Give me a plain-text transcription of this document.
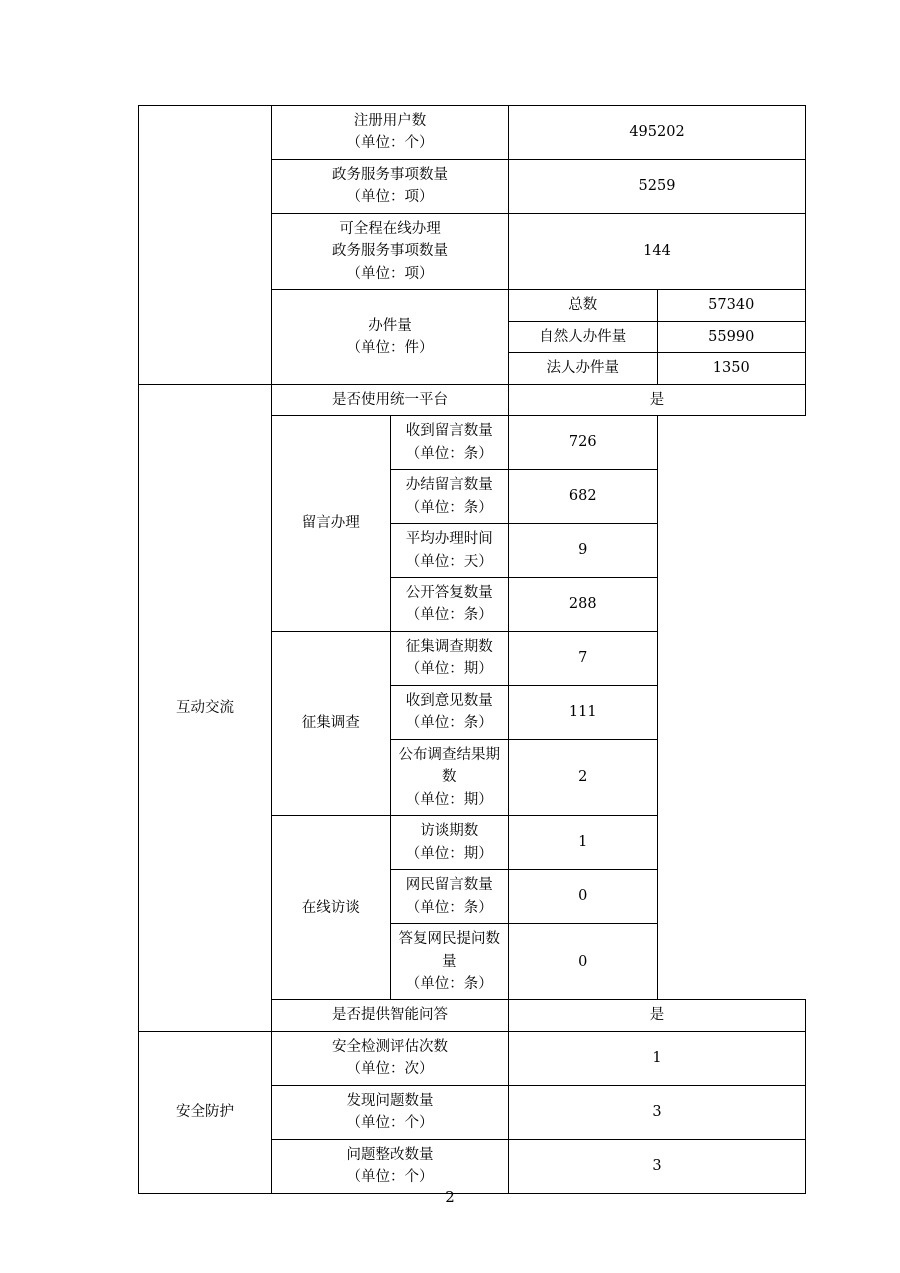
	注册用户数
（单位：个）		495202	

	政务服务事项数量
（单位：项）		5259	

	可全程在线办理
政务服务事项数量
（单位：项）		144	

	办件量
（单位：件）		总数	57340
			自然人办件量	55990
			法人办件量	1350
互动交流	是否使用统一平台		是	
	留言办理	收到留言数量
（单位：条）	726	

		办结留言数量
（单位：条）	682	

		平均办理时间
（单位：天）	9	

		公开答复数量
（单位：条）	288	
	征集调查	征集调查期数
（单位：期）	7	

		收到意见数量
（单位：条）	111	

		公布调查结果期数
（单位：期）	2	
	在线访谈	访谈期数
（单位：期）	1	

		网民留言数量
（单位：条）	0	

		答复网民提问数量
（单位：条）	0	
	是否提供智能问答		是	
安全防护	安全检测评估次数
（单位：次）		1	

	发现问题数量
（单位：个）		3	

	问题整改数量
（单位：个）		3	
2
